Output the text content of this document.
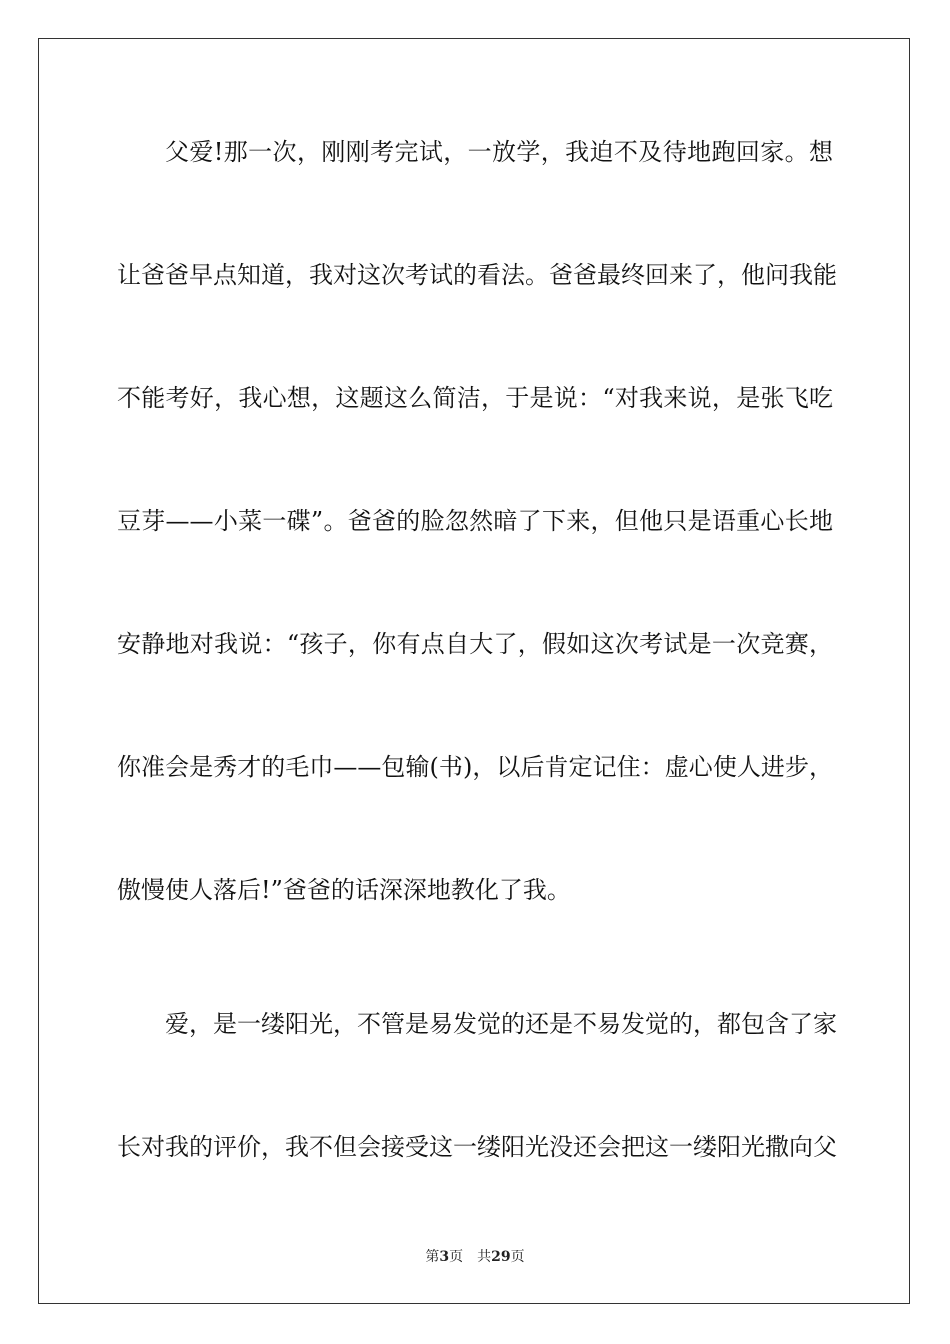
父爱!那一次，刚刚考完试，一放学，我迫不及待地跑回家。想
让爸爸早点知道，我对这次考试的看法。爸爸最终回来了，他问我能
不能考好，我心想，这题这么简洁，于是说：“对我来说，是张飞吃
豆芽——小菜一碟”。爸爸的脸忽然暗了下来，但他只是语重心长地
安静地对我说：“孩子，你有点自大了，假如这次考试是一次竞赛，
你准会是秀才的毛巾——包输(书)，以后肯定记住：虚心使人进步，
傲慢使人落后!”爸爸的话深深地教化了我。
爱，是一缕阳光，不管是易发觉的还是不易发觉的，都包含了家
长对我的评价，我不但会接受这一缕阳光没还会把这一缕阳光撒向父
第3页 共29页
